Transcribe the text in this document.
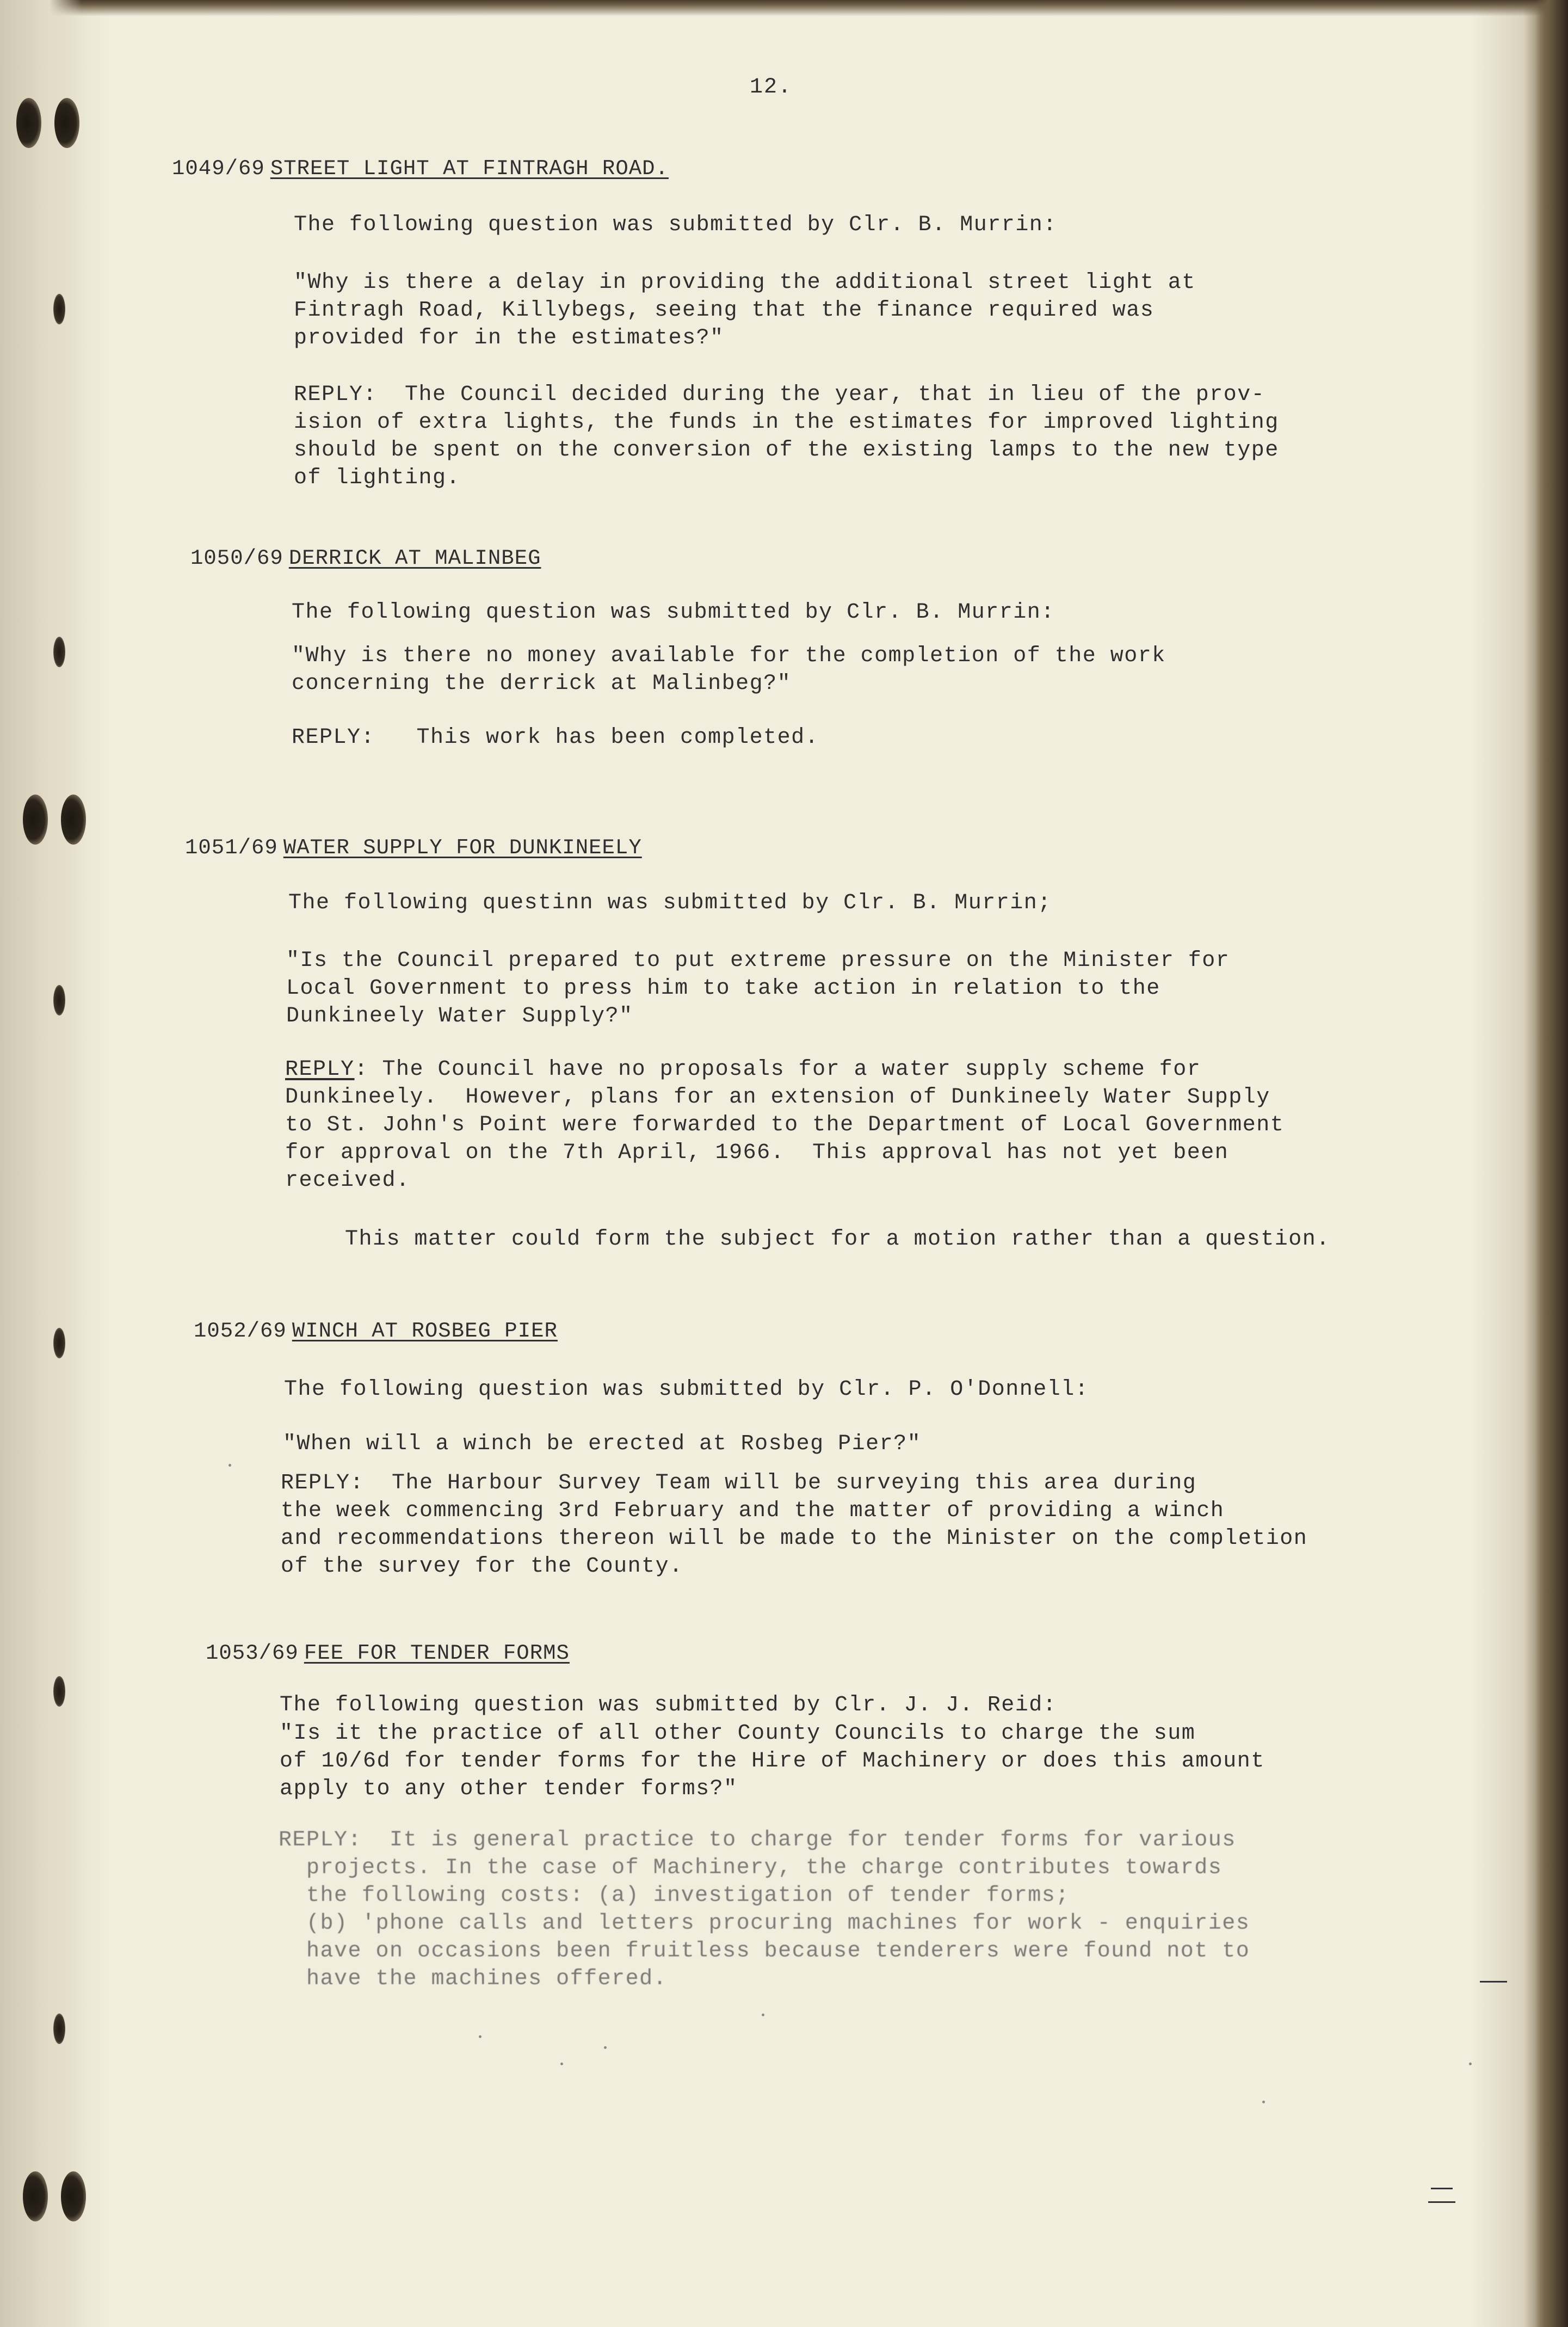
12.
1049/69 STREET LIGHT AT FINTRAGH ROAD.
The following question was submitted by Clr. B. Murrin:
"Why is there a delay in providing the additional street light at
Fintragh Road, Killybegs, seeing that the finance required was
provided for in the estimates?"
REPLY:  The Council decided during the year, that in lieu of the prov-
ision of extra lights, the funds in the estimates for improved lighting
should be spent on the conversion of the existing lamps to the new type
of lighting.
1050/69 DERRICK AT MALINBEG
The following question was submitted by Clr. B. Murrin:
"Why is there no money available for the completion of the work
concerning the derrick at Malinbeg?"
REPLY:   This work has been completed.
1051/69 WATER SUPPLY FOR DUNKINEELY
The following questinn was submitted by Clr. B. Murrin;
"Is the Council prepared to put extreme pressure on the Minister for
Local Government to press him to take action in relation to the
Dunkineely Water Supply?"
REPLY: The Council have no proposals for a water supply scheme for
Dunkineely.  However, plans for an extension of Dunkineely Water Supply
to St. John's Point were forwarded to the Department of Local Government
for approval on the 7th April, 1966.  This approval has not yet been
received.
This matter could form the subject for a motion rather than a question.
1052/69 WINCH AT ROSBEG PIER
The following question was submitted by Clr. P. O'Donnell:
"When will a winch be erected at Rosbeg Pier?"
REPLY:  The Harbour Survey Team will be surveying this area during
the week commencing 3rd February and the matter of providing a winch
and recommendations thereon will be made to the Minister on the completion
of the survey for the County.
1053/69 FEE FOR TENDER FORMS
The following question was submitted by Clr. J. J. Reid:
"Is it the practice of all other County Councils to charge the sum
of 10/6d for tender forms for the Hire of Machinery or does this amount
apply to any other tender forms?"
REPLY:  It is general practice to charge for tender forms for various
projects. In the case of Machinery, the charge contributes towards
the following costs: (a) investigation of tender forms;
(b) 'phone calls and letters procuring machines for work - enquiries
have on occasions been fruitless because tenderers were found not to
have the machines offered.
